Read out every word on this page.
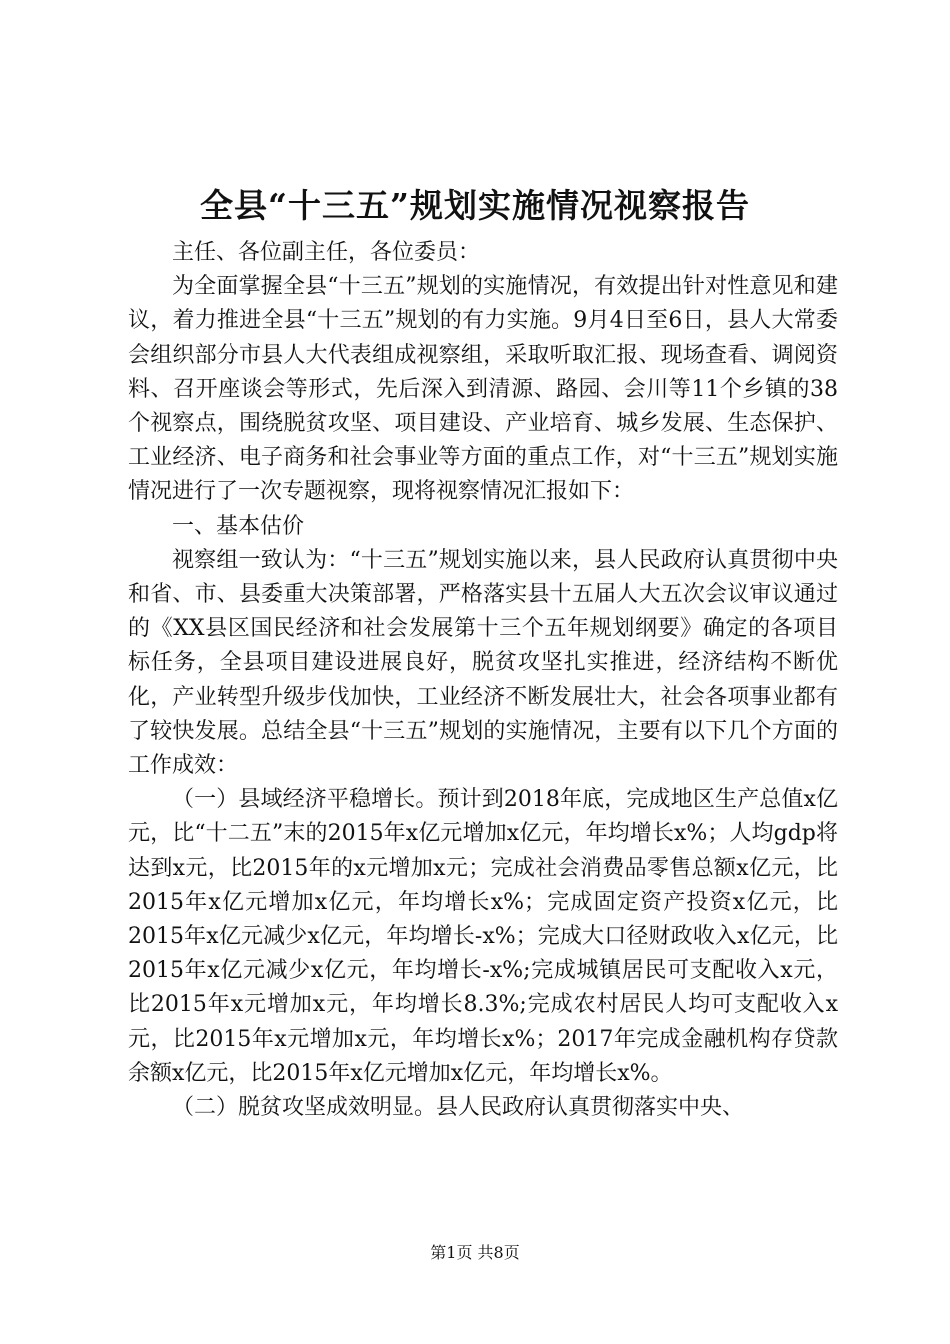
全县“十三五”规划实施情况视察报告

主任、各位副主任，各位委员：

为全面掌握全县“十三五”规划的实施情况，有效提出针对性意见和建议，着力推进全县“十三五”规划的有力实施。9月4日至6日，县人大常委会组织部分市县人大代表组成视察组，采取听取汇报、现场查看、调阅资料、召开座谈会等形式，先后深入到清源、路园、会川等11个乡镇的38个视察点，围绕脱贫攻坚、项目建设、产业培育、城乡发展、生态保护、工业经济、电子商务和社会事业等方面的重点工作，对“十三五”规划实施情况进行了一次专题视察，现将视察情况汇报如下：

一、基本估价

视察组一致认为：“十三五”规划实施以来，县人民政府认真贯彻中央和省、市、县委重大决策部署，严格落实县十五届人大五次会议审议通过的《XX县区国民经济和社会发展第十三个五年规划纲要》确定的各项目标任务，全县项目建设进展良好，脱贫攻坚扎实推进，经济结构不断优化，产业转型升级步伐加快，工业经济不断发展壮大，社会各项事业都有了较快发展。总结全县“十三五”规划的实施情况，主要有以下几个方面的工作成效：

（一）县域经济平稳增长。预计到2018年底，完成地区生产总值x亿元，比“十二五”末的2015年x亿元增加x亿元，年均增长x%；人均gdp将达到x元，比2015年的x元增加x元；完成社会消费品零售总额x亿元，比2015年x亿元增加x亿元，年均增长x%；完成固定资产投资x亿元，比2015年x亿元减少x亿元，年均增长-x%；完成大口径财政收入x亿元，比2015年x亿元减少x亿元，年均增长-x%;完成城镇居民可支配收入x元，比2015年x元增加x元，年均增长8.3%;完成农村居民人均可支配收入x元，比2015年x元增加x元，年均增长x%；2017年完成金融机构存贷款余额x亿元，比2015年x亿元增加x亿元，年均增长x%。

（二）脱贫攻坚成效明显。县人民政府认真贯彻落实中央、

第1页 共8页
